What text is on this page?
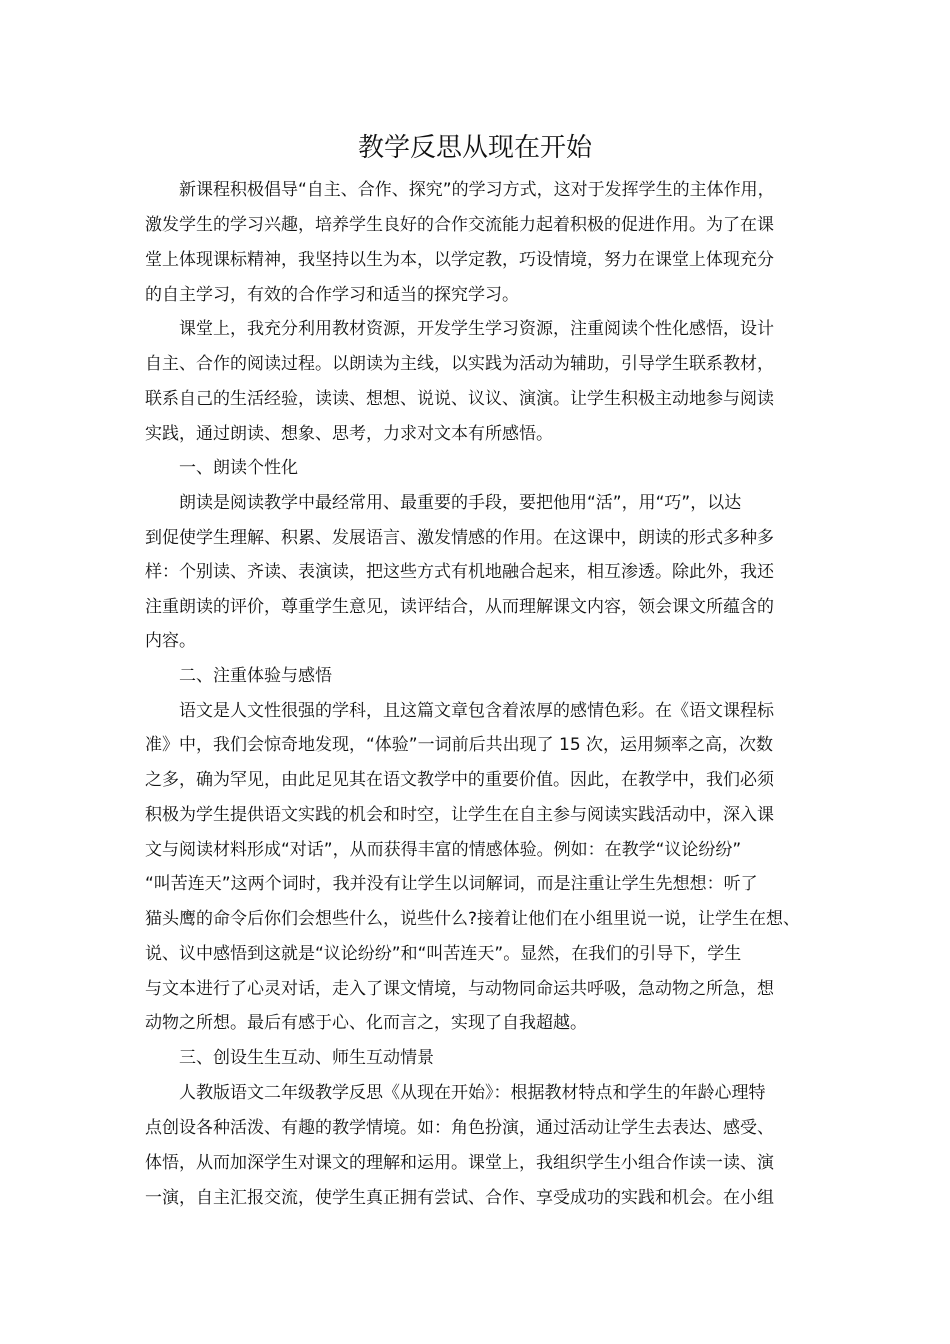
教学反思从现在开始
新课程积极倡导“自主、合作、探究”的学习方式，这对于发挥学生的主体作用，
激发学生的学习兴趣，培养学生良好的合作交流能力起着积极的促进作用。为了在课
堂上体现课标精神，我坚持以生为本，以学定教，巧设情境，努力在课堂上体现充分
的自主学习，有效的合作学习和适当的探究学习。
课堂上，我充分利用教材资源，开发学生学习资源，注重阅读个性化感悟，设计
自主、合作的阅读过程。以朗读为主线，以实践为活动为辅助，引导学生联系教材，
联系自己的生活经验，读读、想想、说说、议议、演演。让学生积极主动地参与阅读
实践，通过朗读、想象、思考，力求对文本有所感悟。
一、朗读个性化
朗读是阅读教学中最经常用、最重要的手段，要把他用“活”，用“巧”，以达
到促使学生理解、积累、发展语言、激发情感的作用。在这课中，朗读的形式多种多
样：个别读、齐读、表演读，把这些方式有机地融合起来，相互渗透。除此外，我还
注重朗读的评价，尊重学生意见，读评结合，从而理解课文内容，领会课文所蕴含的
内容。
二、注重体验与感悟
语文是人文性很强的学科，且这篇文章包含着浓厚的感情色彩。在《语文课程标
准》中，我们会惊奇地发现，“体验”一词前后共出现了 15 次，运用频率之高，次数
之多，确为罕见，由此足见其在语文教学中的重要价值。因此，在教学中，我们必须
积极为学生提供语文实践的机会和时空，让学生在自主参与阅读实践活动中，深入课
文与阅读材料形成“对话”，从而获得丰富的情感体验。例如：在教学“议论纷纷”
“叫苦连天”这两个词时，我并没有让学生以词解词，而是注重让学生先想想：听了
猫头鹰的命令后你们会想些什么，说些什么?接着让他们在小组里说一说，让学生在想、
说、议中感悟到这就是“议论纷纷”和“叫苦连天”。显然，在我们的引导下，学生
与文本进行了心灵对话，走入了课文情境，与动物同命运共呼吸，急动物之所急，想
动物之所想。最后有感于心、化而言之，实现了自我超越。
三、创设生生互动、师生互动情景
人教版语文二年级教学反思《从现在开始》：根据教材特点和学生的年龄心理特
点创设各种活泼、有趣的教学情境。如：角色扮演，通过活动让学生去表达、感受、
体悟，从而加深学生对课文的理解和运用。课堂上，我组织学生小组合作读一读、演
一演，自主汇报交流，使学生真正拥有尝试、合作、享受成功的实践和机会。在小组
